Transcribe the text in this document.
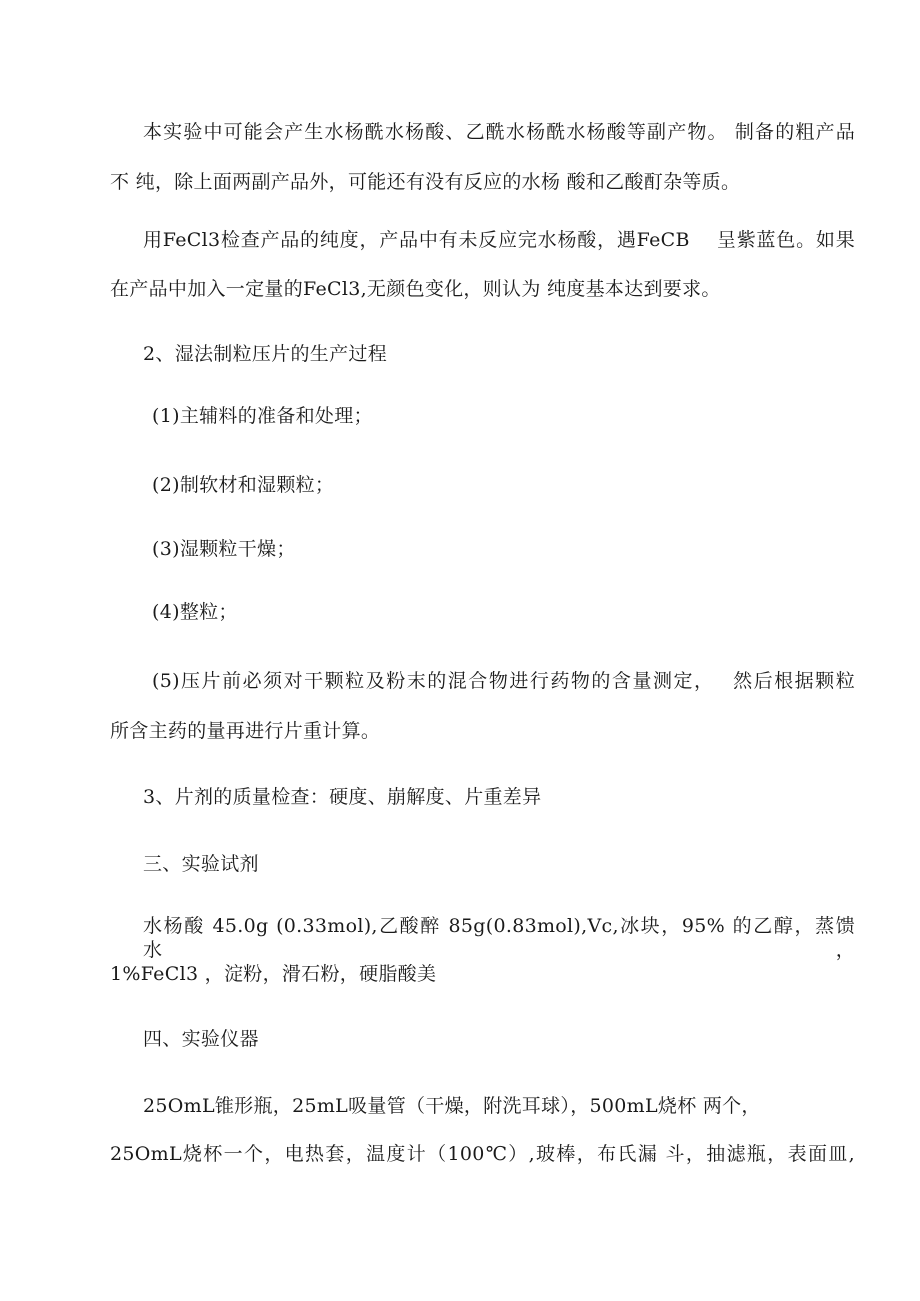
本实验中可能会产生水杨酰水杨酸、乙酰水杨酰水杨酸等副产物。 制备的粗产品
不 纯，除上面两副产品外，可能还有没有反应的水杨 酸和乙酸酊杂等质。
用FeCl3检查产品的纯度，产品中有未反应完水杨酸，遇FeCB　 呈紫蓝色。如果
在产品中加入一定量的FeCl3,无颜色变化，则认为 纯度基本达到要求。
2、湿法制粒压片的生产过程
(1)主辅料的准备和处理；
(2)制软材和湿颗粒；
(3)湿颗粒干燥；
(4)整粒；
(5)压片前必须对干颗粒及粉末的混合物进行药物的含量测定，　 然后根据颗粒
所含主药的量再进行片重计算。
3、片剂的质量检查：硬度、崩解度、片重差异
三、实验试剂
水杨酸 45.0g (0.33mol),乙酸醉 85g(0.83mol),Vc,冰块，95% 的乙醇，蒸馈水，
1%FeCl3 ，淀粉，滑石粉，硬脂酸美
四、实验仪器
25OmL锥形瓶，25mL吸量管（干燥，附洗耳球），500mL烧杯 两个，
25OmL烧杯一个，电热套，温度计（100℃）,玻棒，布氏漏 斗，抽滤瓶，表面皿,
